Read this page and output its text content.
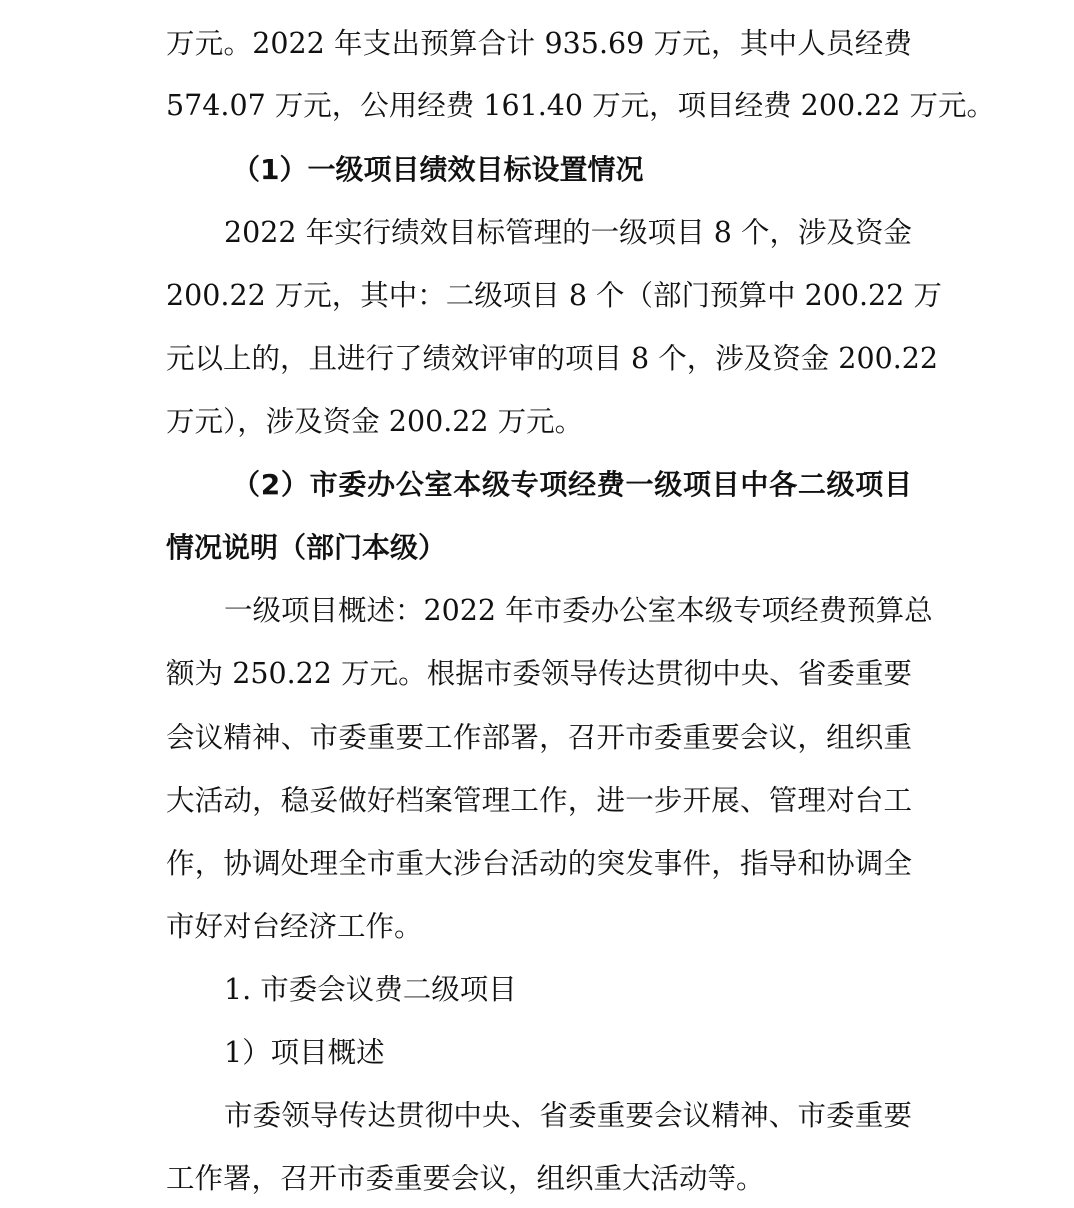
万元。2022 年支出预算合计 935.69 万元，其中人员经费
574.07 万元，公用经费 161.40 万元，项目经费 200.22 万元。
（1）一级项目绩效目标设置情况
2022 年实行绩效目标管理的一级项目 8 个，涉及资金
200.22 万元，其中：二级项目 8 个（部门预算中 200.22 万
元以上的，且进行了绩效评审的项目 8 个，涉及资金 200.22
万元），涉及资金 200.22 万元。
（2）市委办公室本级专项经费一级项目中各二级项目
情况说明（部门本级）
一级项目概述：2022 年市委办公室本级专项经费预算总
额为 250.22 万元。根据市委领导传达贯彻中央、省委重要
会议精神、市委重要工作部署，召开市委重要会议，组织重
大活动，稳妥做好档案管理工作，进一步开展、管理对台工
作，协调处理全市重大涉台活动的突发事件，指导和协调全
市好对台经济工作。
1. 市委会议费二级项目
1）项目概述
市委领导传达贯彻中央、省委重要会议精神、市委重要
工作署，召开市委重要会议，组织重大活动等。
